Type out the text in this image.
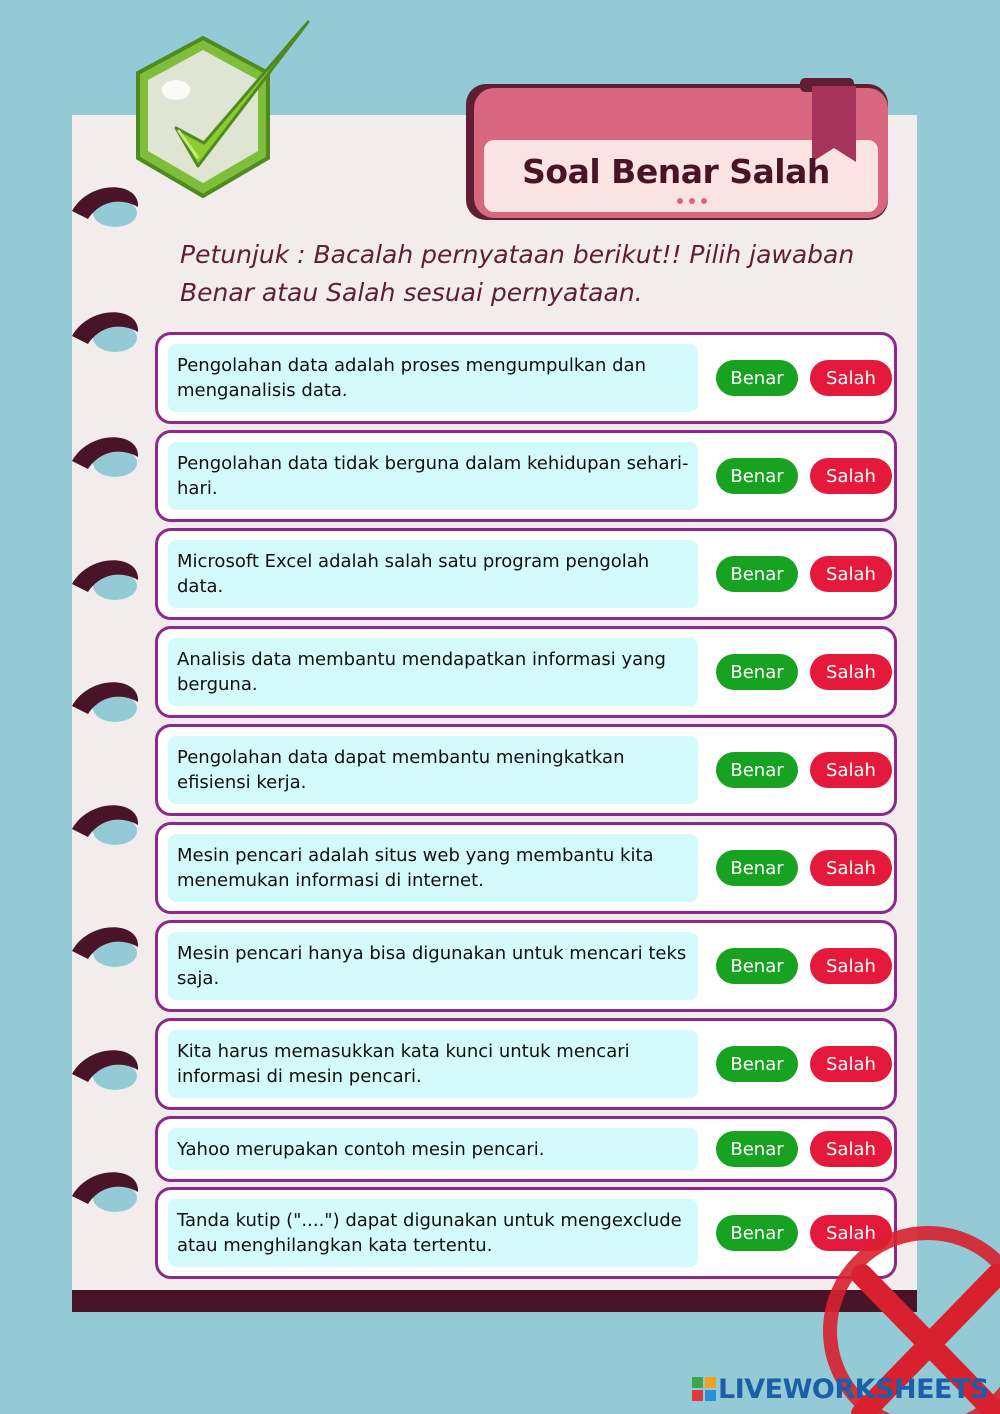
Soal Benar Salah

Petunjuk : Bacalah pernyataan berikut!! Pilih jawaban Benar atau Salah sesuai pernyataan.

Pengolahan data adalah proses mengumpulkan dan menganalisis data.
Benar	Salah
Pengolahan data tidak berguna dalam kehidupan sehari-hari.
Benar	Salah
Microsoft Excel adalah salah satu program pengolah data.
Benar	Salah
Analisis data membantu mendapatkan informasi yang berguna.
Benar	Salah
Pengolahan data dapat membantu meningkatkan efisiensi kerja.
Benar	Salah
Mesin pencari adalah situs web yang membantu kita menemukan informasi di internet.
Benar	Salah
Mesin pencari hanya bisa digunakan untuk mencari teks saja.
Benar	Salah
Kita harus memasukkan kata kunci untuk mencari informasi di mesin pencari.
Benar	Salah
Yahoo merupakan contoh mesin pencari.	Benar	Salah
Tanda kutip ("....") dapat digunakan untuk mengexclude atau menghilangkan kata tertentu.
Benar	Salah
LIVEWORKSHEETS
